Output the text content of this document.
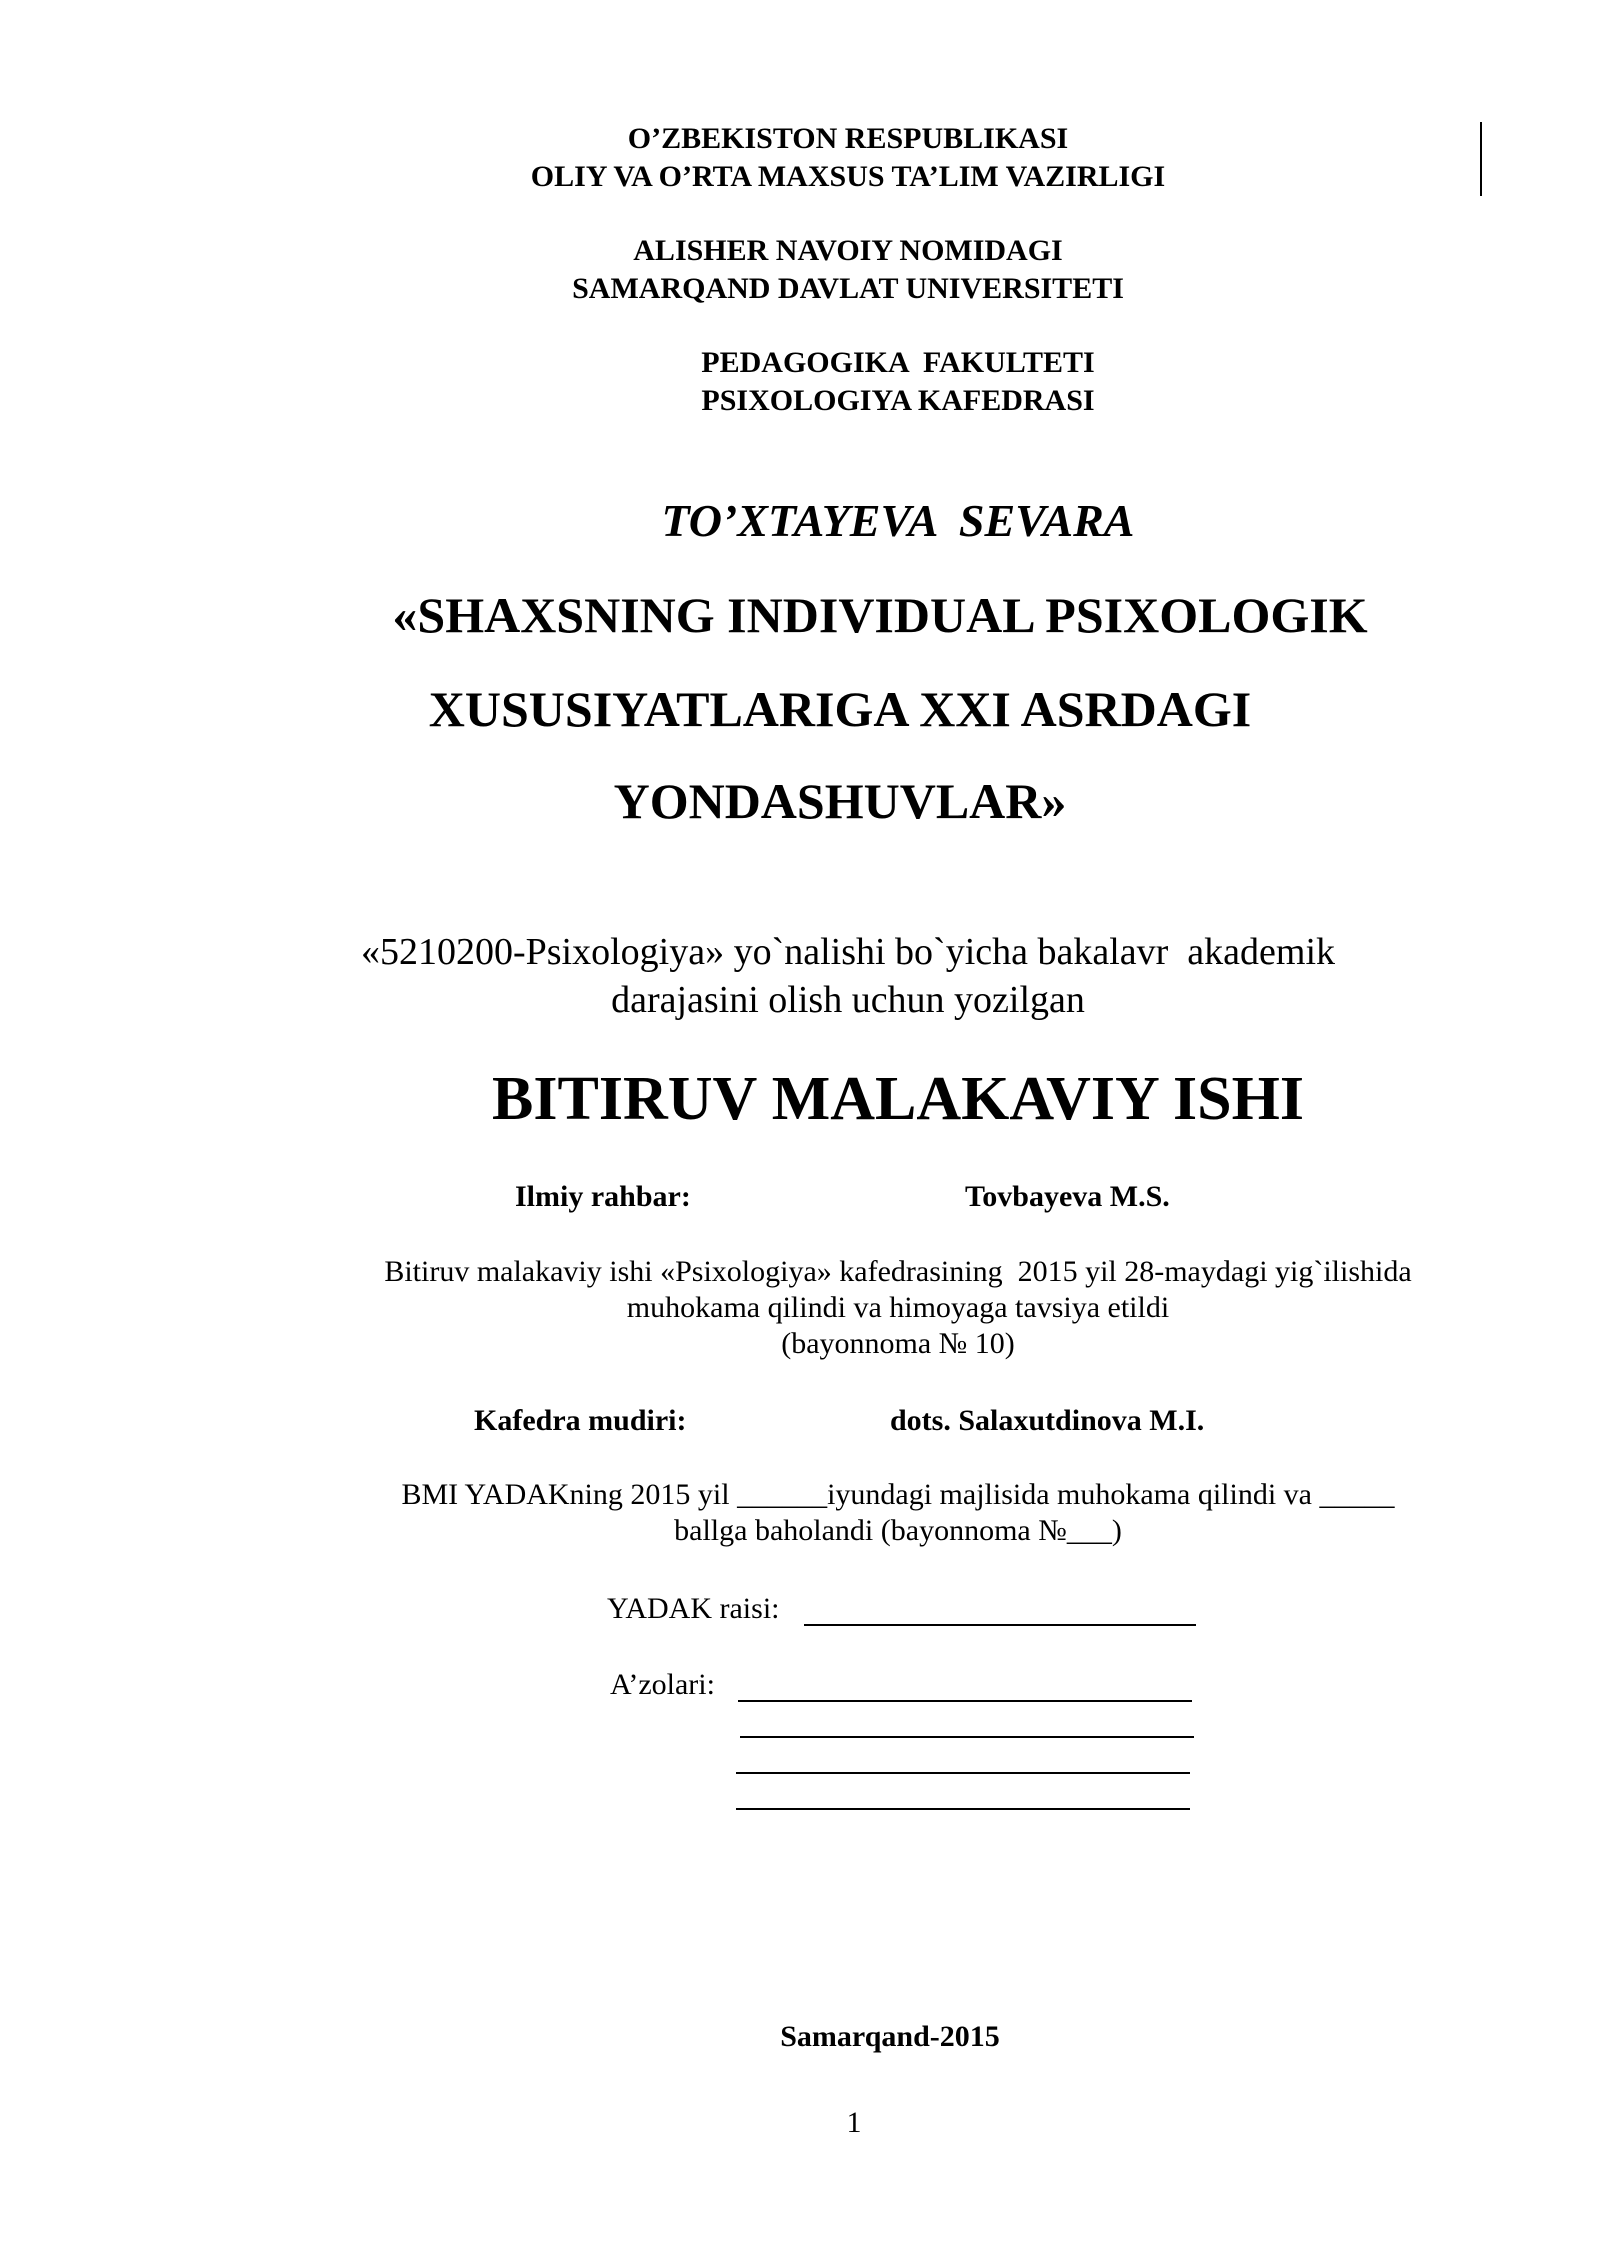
O’ZBEKISTON RESPUBLIKASI
OLIY VA O’RTA MAXSUS TA’LIM VAZIRLIGI
ALISHER NAVOIY NOMIDAGI
SAMARQAND DAVLAT UNIVERSITETI
PEDAGOGIKA  FAKULTETI
PSIXOLOGIYA KAFEDRASI
TO’XTAYEVA  SEVARA
«SHAXSNING INDIVIDUAL PSIXOLOGIK
XUSUSIYATLARIGA XXI ASRDAGI
YONDASHUVLAR»
«5210200-Psixologiya» yo`nalishi bo`yicha bakalavr  akademik
darajasini olish uchun yozilgan
BITIRUV MALAKAVIY ISHI
Ilmiy rahbar:	Tovbayeva M.S.
Bitiruv malakaviy ishi «Psixologiya» kafedrasining  2015 yil 28-maydagi yig`ilishida
muhokama qilindi va himoyaga tavsiya etildi
(bayonnoma № 10)
Kafedra mudiri:	dots. Salaxutdinova M.I.
BMI YADAKning 2015 yil ______iyundagi majlisida muhokama qilindi va _____
ballga baholandi (bayonnoma №___)
YADAK raisi:
A’zolari:
Samarqand-2015
1
